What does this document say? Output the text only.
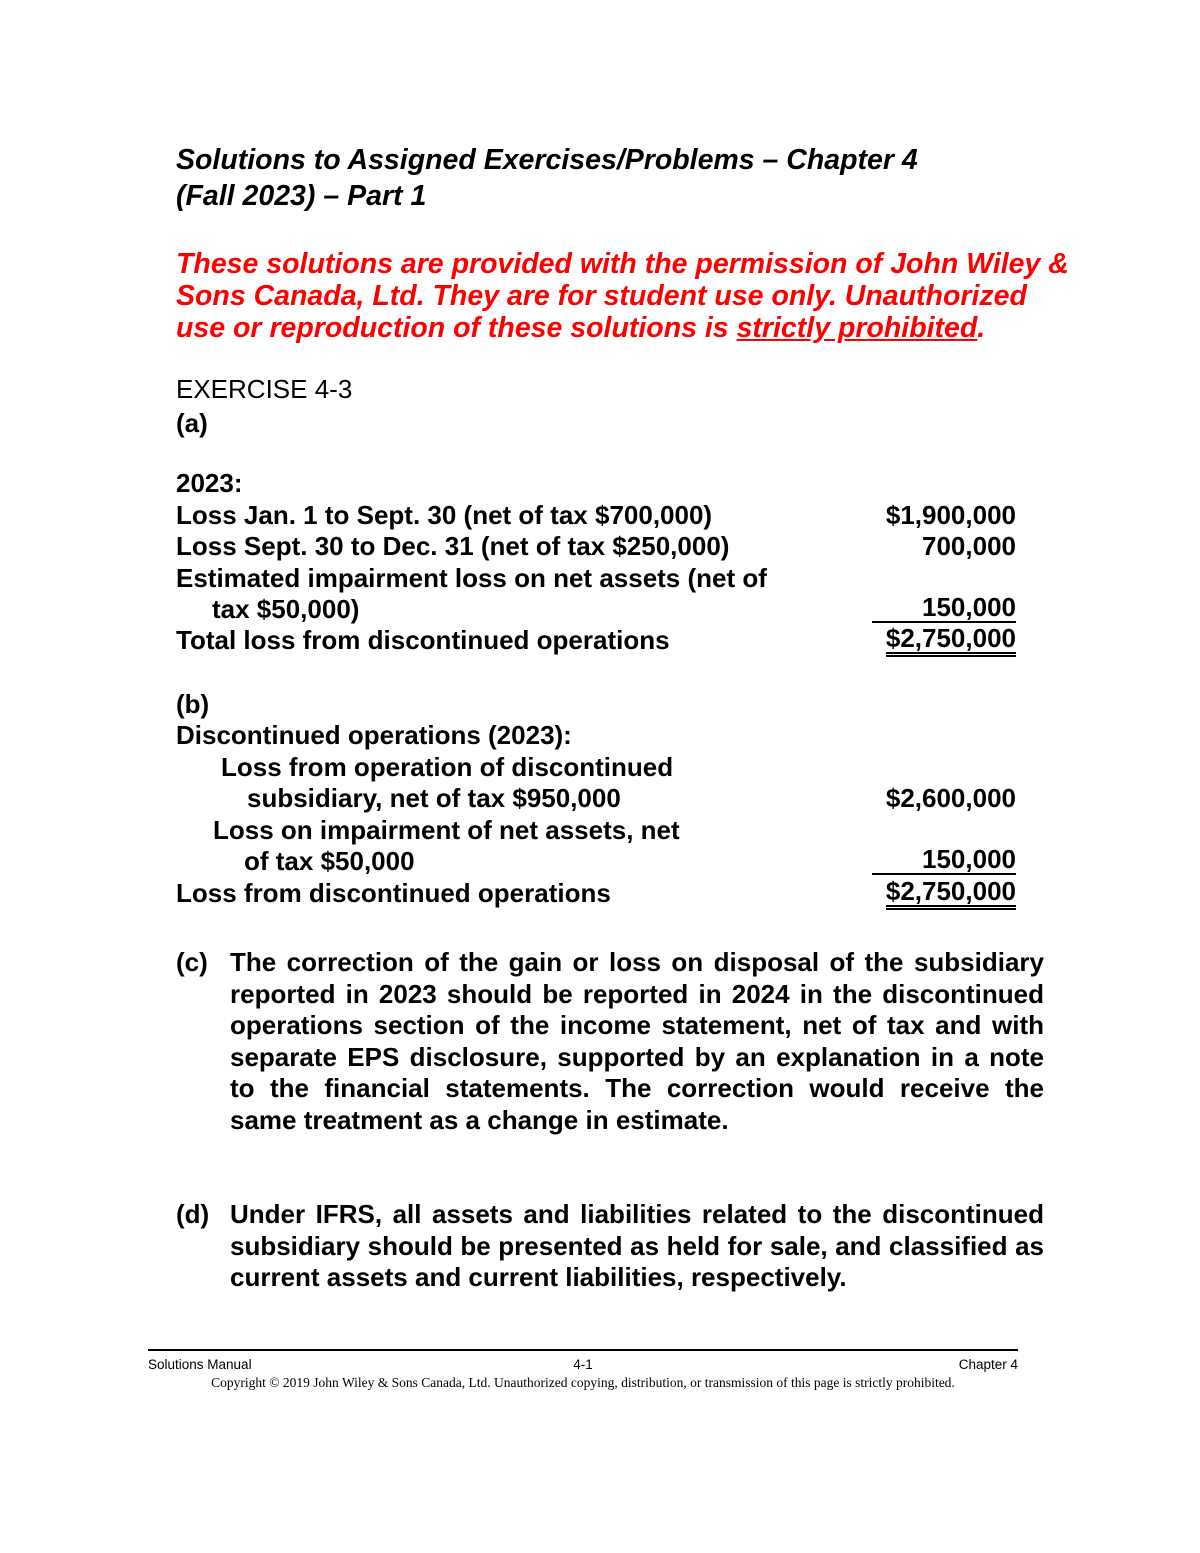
Solutions to Assigned Exercises/Problems – Chapter 4
(Fall 2023) – Part 1
These solutions are provided with the permission of John Wiley &
Sons Canada, Ltd. They are for student use only. Unauthorized
use or reproduction of these solutions is strictly prohibited.
EXERCISE 4-3
(a)
2023:
Loss Jan. 1 to Sept. 30 (net of tax $700,000)	$1,900,000
Loss Sept. 30 to Dec. 31 (net of tax $250,000)	700,000
Estimated impairment loss on net assets (net of
tax $50,000)	150,000
Total loss from discontinued operations	$2,750,000
(b)
Discontinued operations (2023):
Loss from operation of discontinued
subsidiary, net of tax $950,000	$2,600,000
Loss on impairment of net assets, net
of tax $50,000	150,000
Loss from discontinued operations	$2,750,000
(c) The correction of the gain or loss on disposal of the subsidiary reported in 2023 should be reported in 2024 in the discontinued operations section of the income statement, net of tax and with separate EPS disclosure, supported by an explanation in a note to the financial statements. The correction would receive the same treatment as a change in estimate.
(d) Under IFRS, all assets and liabilities related to the discontinued subsidiary should be presented as held for sale, and classified as current assets and current liabilities, respectively.
Solutions Manual	4-1	Chapter 4
Copyright © 2019 John Wiley & Sons Canada, Ltd. Unauthorized copying, distribution, or transmission of this page is strictly prohibited.
